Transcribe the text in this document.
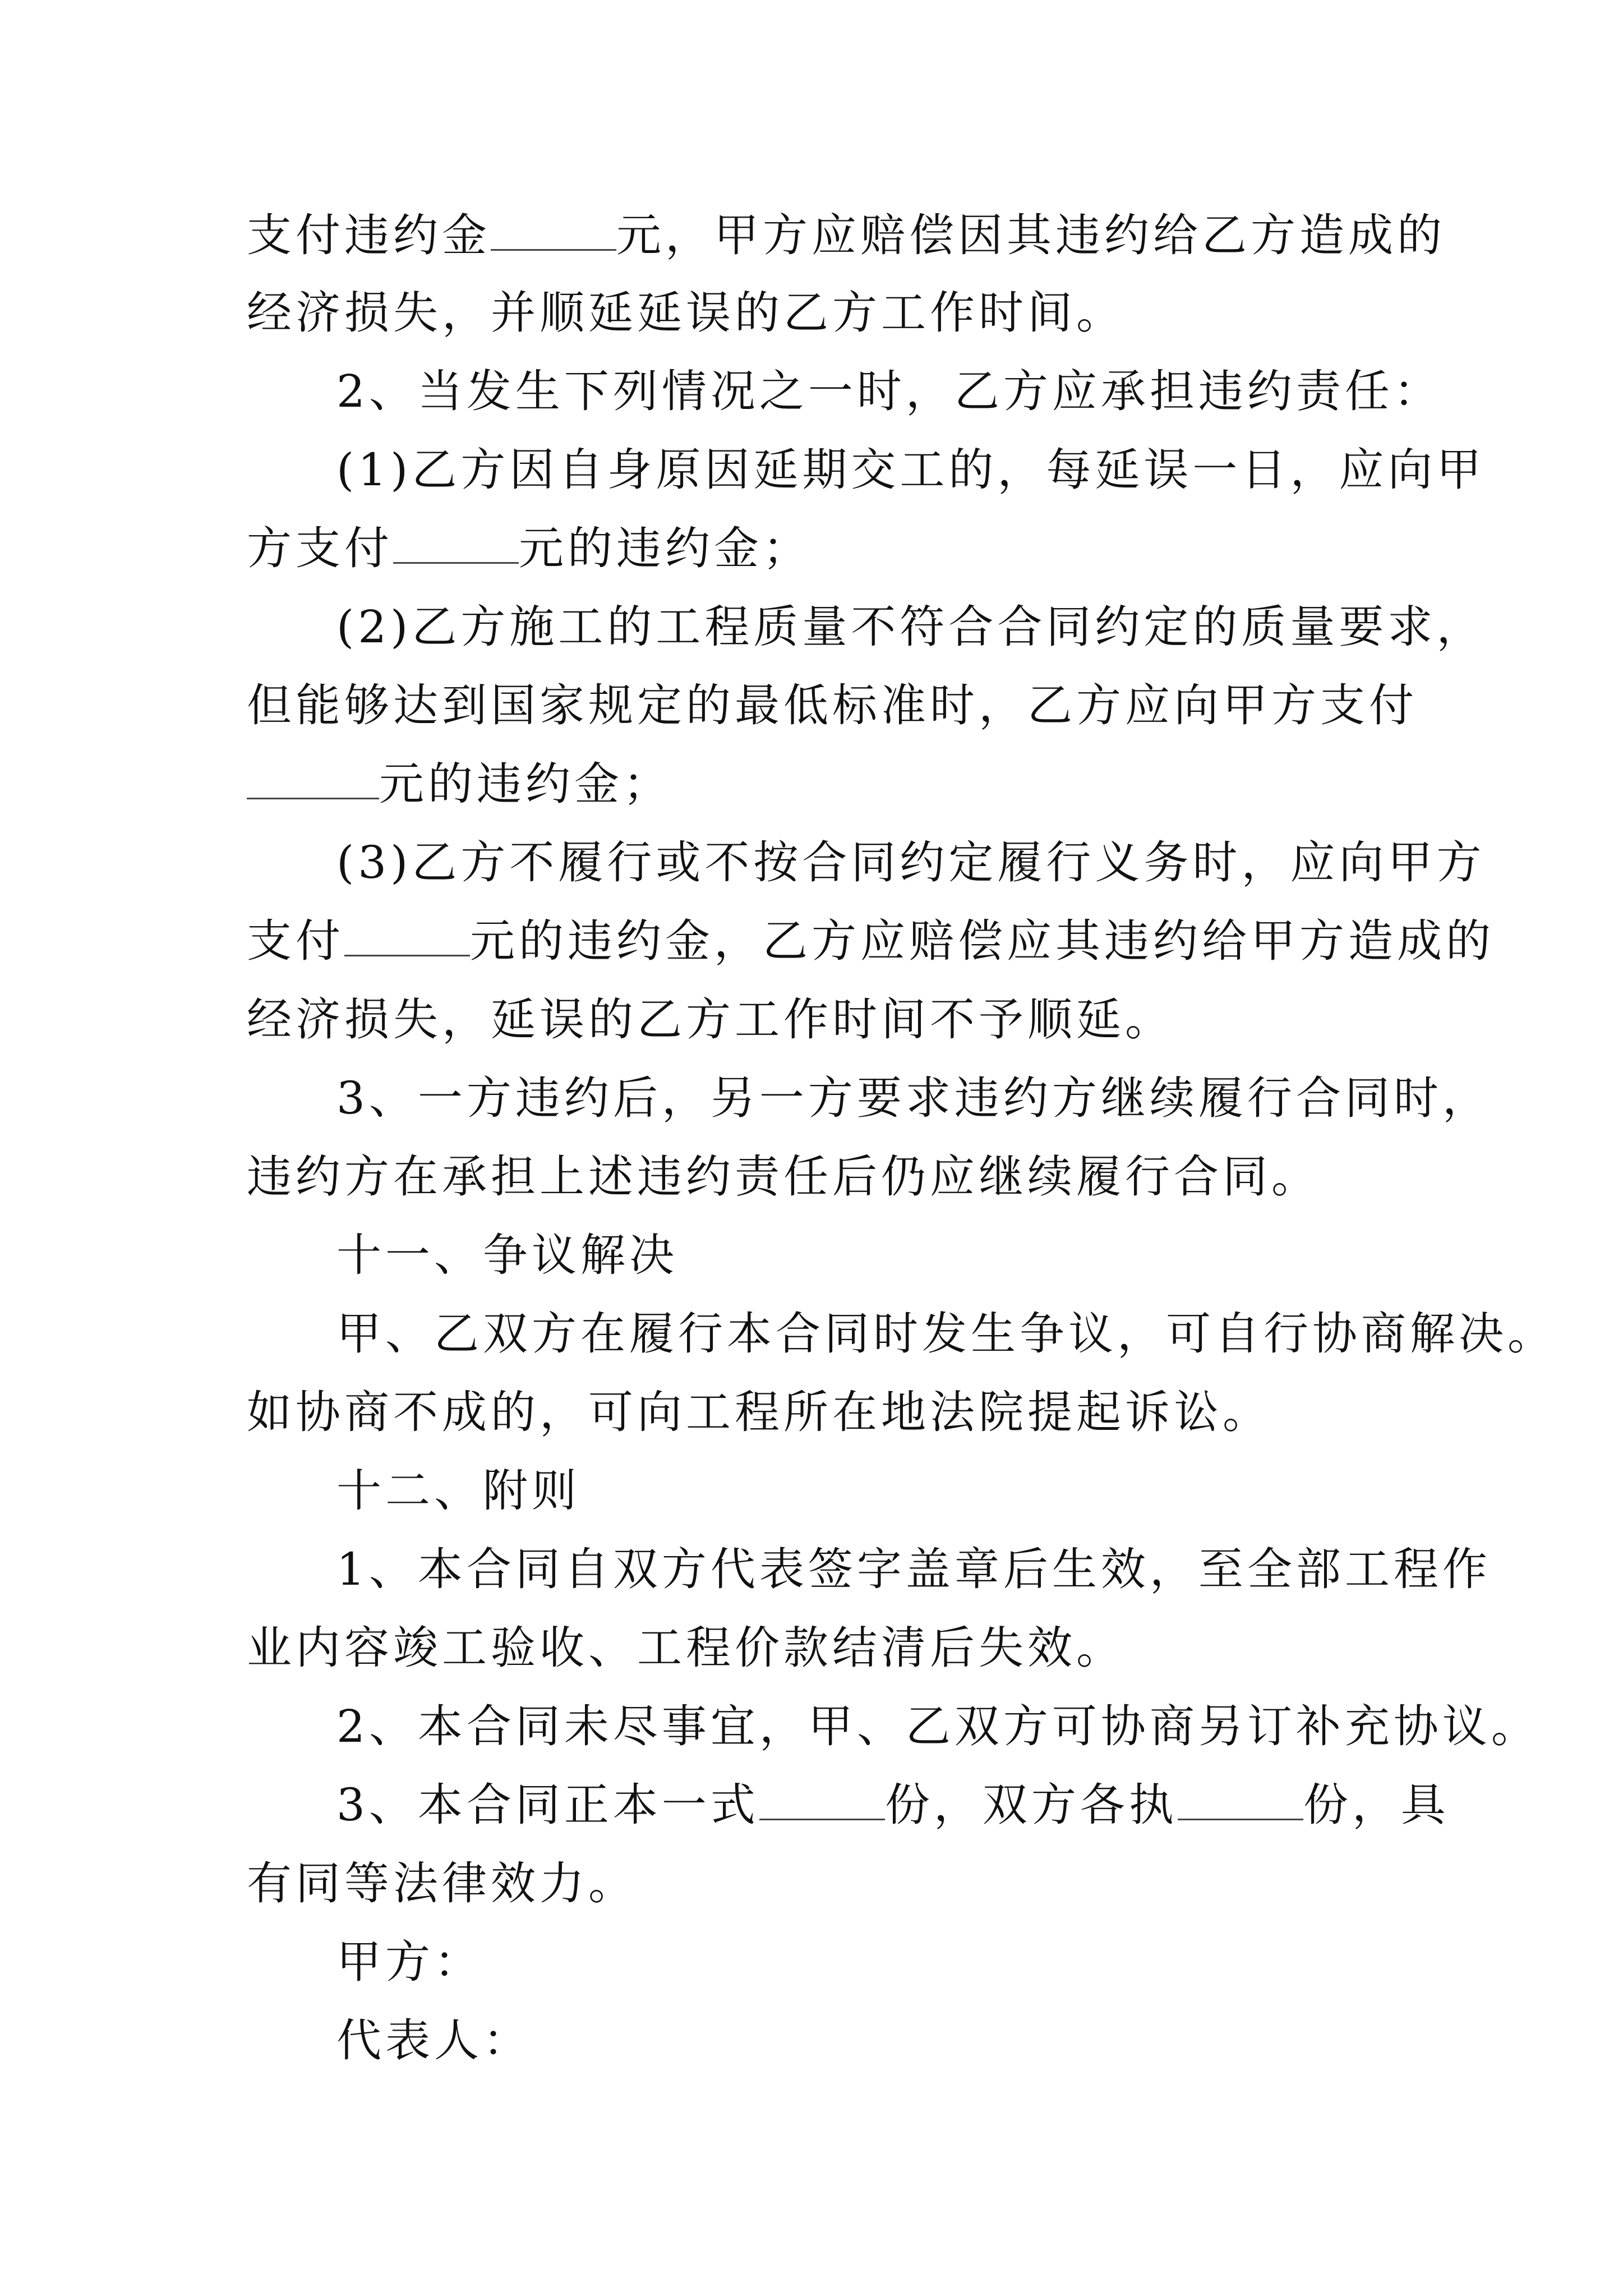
支付违约金	元，甲方应赔偿因其违约给乙方造成的
经济损失，并顺延延误的乙方工作时间。
2、当发生下列情况之一时，乙方应承担违约责任：
(1)乙方因自身原因延期交工的，每延误一日，应向甲
方支付	元的违约金；
(2)乙方施工的工程质量不符合合同约定的质量要求，
但能够达到国家规定的最低标准时，乙方应向甲方支付
元的违约金；
(3)乙方不履行或不按合同约定履行义务时，应向甲方
支付	元的违约金，乙方应赔偿应其违约给甲方造成的
经济损失，延误的乙方工作时间不予顺延。
3、一方违约后，另一方要求违约方继续履行合同时，
违约方在承担上述违约责任后仍应继续履行合同。
十一、争议解决
甲、乙双方在履行本合同时发生争议，可自行协商解决。
如协商不成的，可向工程所在地法院提起诉讼。
十二、附则
1、本合同自双方代表签字盖章后生效，至全部工程作
业内容竣工验收、工程价款结清后失效。
2、本合同未尽事宜，甲、乙双方可协商另订补充协议。
3、本合同正本一式	份，双方各执	份，具
有同等法律效力。
甲方：
代表人：
